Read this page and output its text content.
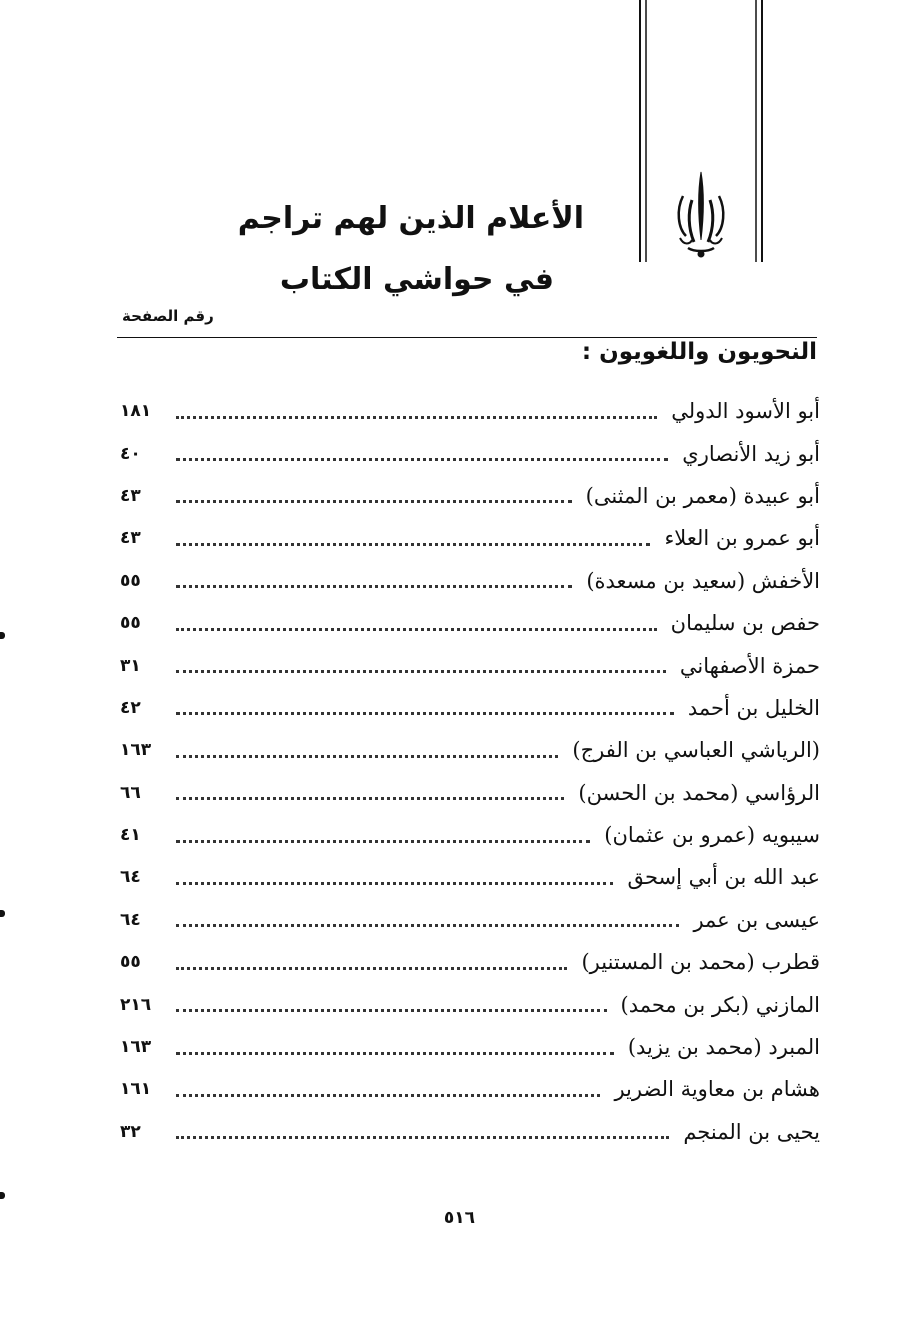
الأعلام الذين لهم تراجم
في حواشي الكتاب
رقم الصفحة
النحويون واللغويون :
أبو الأسود الدولي
١٨١
أبو زيد الأنصاري
٤٠
أبو عبيدة (معمر بن المثنى)
٤٣
أبو عمرو بن العلاء
٤٣
الأخفش (سعيد بن مسعدة)
٥٥
حفص بن سليمان
٥٥
حمزة الأصفهاني
٣١
الخليل بن أحمد
٤٢
(الرياشي العباسي بن الفرج)
١٦٣
الرؤاسي (محمد بن الحسن)
٦٦
سيبويه (عمرو بن عثمان)
٤١
عبد الله بن أبي إسحق
٦٤
عيسى بن عمر
٦٤
قطرب (محمد بن المستنير)
٥٥
المازني (بكر بن محمد)
٢١٦
المبرد (محمد بن يزيد)
١٦٣
هشام بن معاوية الضرير
١٦١
يحيى بن المنجم
٣٢
٥١٦
